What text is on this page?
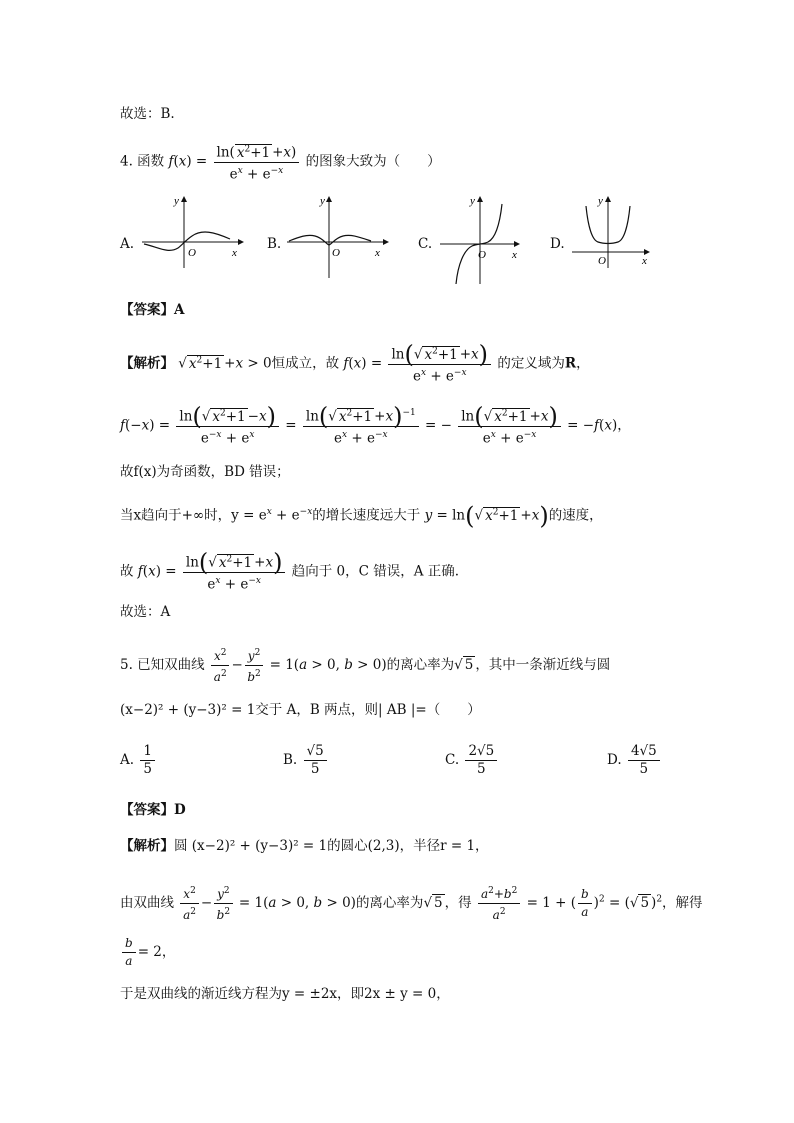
故选：B.
4. 函数 $f(x) = \frac{\ln( x^2+1 +x)}{e^x + e^{-x}}$ 的图象大致为（　　）
A.
y
O	x
B.
y
O	x
C.
y
O x
D.
y
O	x
【答案】A
【解析】 √ $x^2+1 +x > 0$恒成立，故 $f(x) = \frac{\ln(√ x^2+1 +x)}{e^x + e^{-x}}$ 的定义域为R，
$f(-x) = \frac{\ln(√ x^2+1 -x)}{e^{-x} + e^x} = \frac{\ln(√ x^2+1 +x)^{-1}}{e^x + e^{-x}}$ = − $\frac{\ln(√ x^2+1 +x)}{e^x + e^{-x}} = -f(x)$，
故f(x)为奇函数，BD 错误；
当x趋向于+∞时，$y = e^x + e^{-x}$的增长速度远大于 y = ln(√ $x^2+1 +x$)的速度，
故 $f(x) = \frac{\ln(√ x^2+1 +x)}{e^x + e^{-x}}$ 趋向于 0，C 错误，A 正确.
故选：A
5. 已知双曲线 $\frac{x^2}{a^2} - \frac{y^2}{b^2} = 1(a > 0$, b > 0)的离心率为√ 5 ，其中一条渐近线与圆
(x−2)² + (y−3)² = 1交于 A，B 两点，则| AB |=（　　）
A. $\frac{1}{5}$	B. $\frac{√5}{5}$	C. $\frac{2√5}{5}$	D. $\frac{4√5}{5}$
【答案】D
【解析】圆 (x−2)² + (y−3)² = 1的圆心(2,3)，半径r = 1，
由双曲线 $\frac{x^2}{a^2} - \frac{y^2}{b^2} = 1(a > 0$, b > 0)的离心率为√ 5 ，得 $\frac{a^2+b^2}{a^2} = 1$ + ( $\frac{b}{a} )^2$ = (√ 5 )$^2$，解得
$\frac{b}{a} = 2$，
于是双曲线的渐近线方程为y = ±2x，即2x ± y = 0，
